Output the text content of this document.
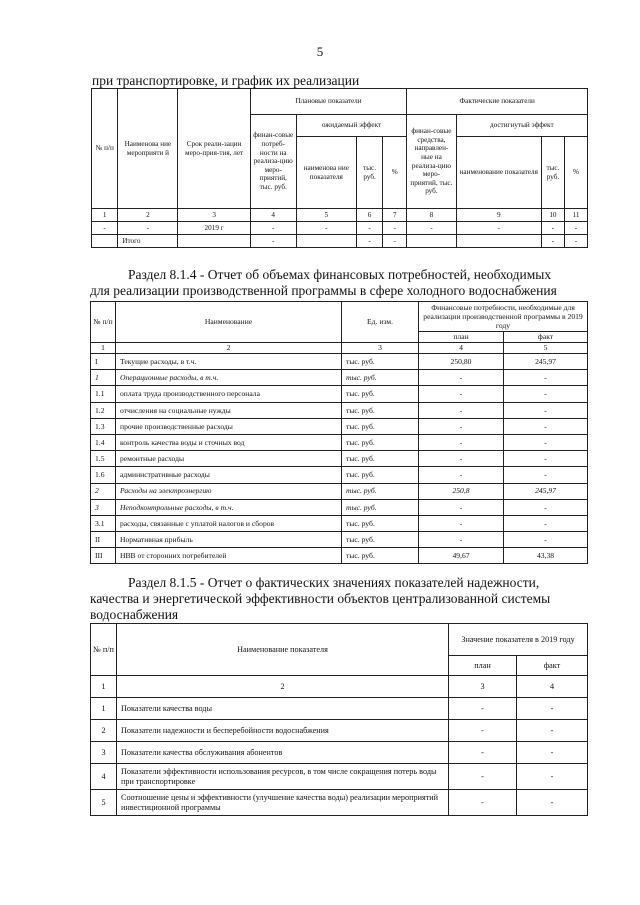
5
при транспортировке, и график их реализации
№ п/п	Наименова ние мероприяти й	Срок реали-зации меро-прия-тия, лет	Плановые показатели				Фактические показатели			
			финан-совые потреб-ности на реализа-цию меро-приятий, тыс. руб.	ожидаемый эффект			финан-совые средства, направлен-ные на реализа-цию меро-приятий, тыс. руб.	достигнутый эффект		
				наименова ние показателя	тыс. руб.	%		наименование показателя	тыс. руб.	%
1	2	3	4	5	6	7	8	9	10	11
-	-	2019 г	-	-	-	-	-	-	-	-
	Итого		-		-	-			-	-
Раздел 8.1.4 - Отчет об объемах финансовых потребностей, необходимых
для реализации производственной программы в сфере холодного водоснабжения
№ п/п	Наименование	Ед. изм.	Финансовые потребности, необходимые для реализации производственной программы в 2019 году	
			план	факт
1	2	3	4	5
I	Текущие расходы, в т.ч.	тыс. руб.	250,80	245,97
1	Операционные расходы, в т.ч.	тыс. руб.	-	-
1.1	оплата труда производственного персонала	тыс. руб.	-	-
1.2	отчисления на социальные нужды	тыс. руб.	-	-
1.3	прочие производственные расходы	тыс. руб.	-	-
1.4	контроль качества воды и сточных вод	тыс. руб.	-	-
1.5	ремонтные расходы	тыс. руб.	-	-
1.6	административные расходы	тыс. руб.	-	-
2	Расходы на электроэнергию	тыс. руб.	250,8	245,97
3	Неподконтрольные расходы, в т.ч.	тыс. руб.	-	-
3.1	расходы, связанные с уплатой налогов и сборов	тыс. руб.	-	-
II	Нормативная прибыль	тыс. руб.	-	-
III	НВВ от сторонних потребителей	тыс. руб.	49,67	43,38
Раздел 8.1.5 - Отчет о фактических значениях показателей надежности,
качества и энергетической эффективности объектов централизованной системы
водоснабжения
№ п/п	Наименование показателя	Значение показателя в 2019 году	
		план	факт
1	2	3	4
1	Показатели качества воды	-	-
2	Показатели надежности и бесперебойности водоснабжения	-	-
3	Показатели качества обслуживания абонентов	-	-
4	Показатели эффективности использования ресурсов, в том числе сокращения потерь воды при транспортировке	-	-
5	Соотношение цены и эффективности (улучшение качества воды) реализации мероприятий инвестиционной программы	-	-
